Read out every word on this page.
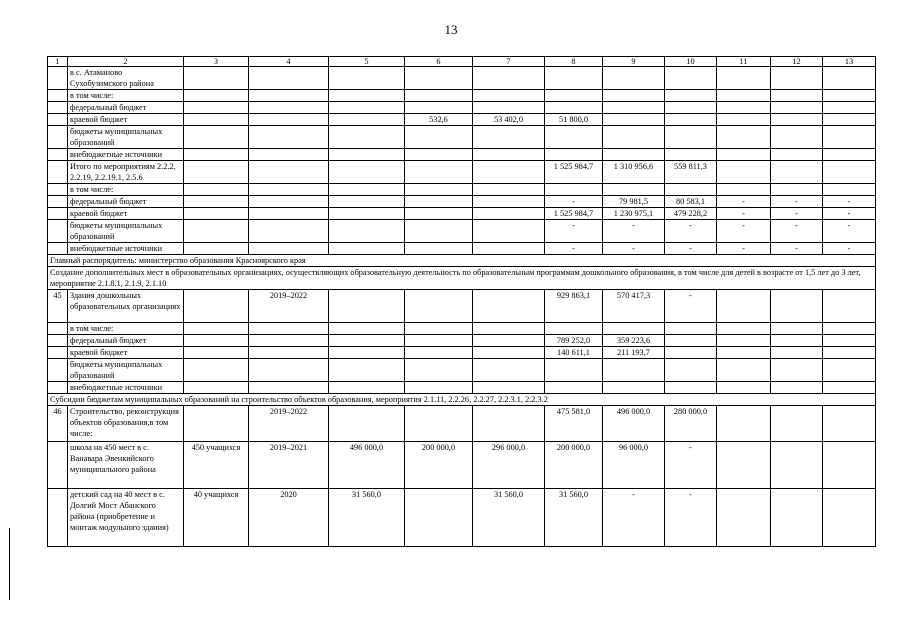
13
1	2	3	4	5	6	7	8	9	10	11	12	13
	в с. Атаманово Сухобузимского района											
	в том числе:											
	федеральный бюджет											
	краевой бюджет				532,6	53 402,0	51 800,0					
	бюджеты муниципальных образований											
	внебюджетные источники											
	Итого по мероприятиям 2.2.2, 2.2.19, 2.2.19.1, 2.5.6						1 525 984,7	1 310 956,6	559 811,3			
	в том числе:											
	федеральный бюджет						-	79 981,5	80 583,1	-	-	-
	краевой бюджет						1 525 984,7	1 230 975,1	479 228,2	-	-	-
	бюджеты муниципальных образований						-	-	-	-	-	-
	внебюджетные источники						-	-	-	-	-	-
Главный распорядитель: министерство образования Красноярского края												
Создание дополнительных мест в образовательных организациях, осуществляющих образовательную деятельность по образовательным программам дошкольного образования, в том числе для детей в возрасте от 1,5 лет до 3 лет, мероприятие 2.1.8.1, 2.1.9, 2.1.10												
45	Здания дошкольных образовательных организациях		2019–2022				929 863,1	570 417,3	-			
	в том числе:											
	федеральный бюджет						789 252,0	359 223,6				
	краевой бюджет						140 611,1	211 193,7				
	бюджеты муниципальных образований											
	внебюджетные источники											
Субсидии бюджетам муниципальных образований на строительство объектов образования, мероприятия 2.1.11, 2.2.26, 2.2.27, 2.2.3.1, 2.2.3.2												
46	Строительство, реконструкция объектов образования,в том числе:		2019–2022				475 581,0	496 000,0	280 000,0			
	школа на 450 мест в с. Ванавара Эвенкийского муниципального района	450 учащихся	2019–2021	496 000,0	200 000,0	296 000,0	200 000,0	96 000,0	-			
	детский сад на 40 мест в с. Долгий Мост Абанского района (приобретение и монтаж модульного здания)	40 учащихся	2020	31 560,0		31 560,0	31 560,0	-	-			
